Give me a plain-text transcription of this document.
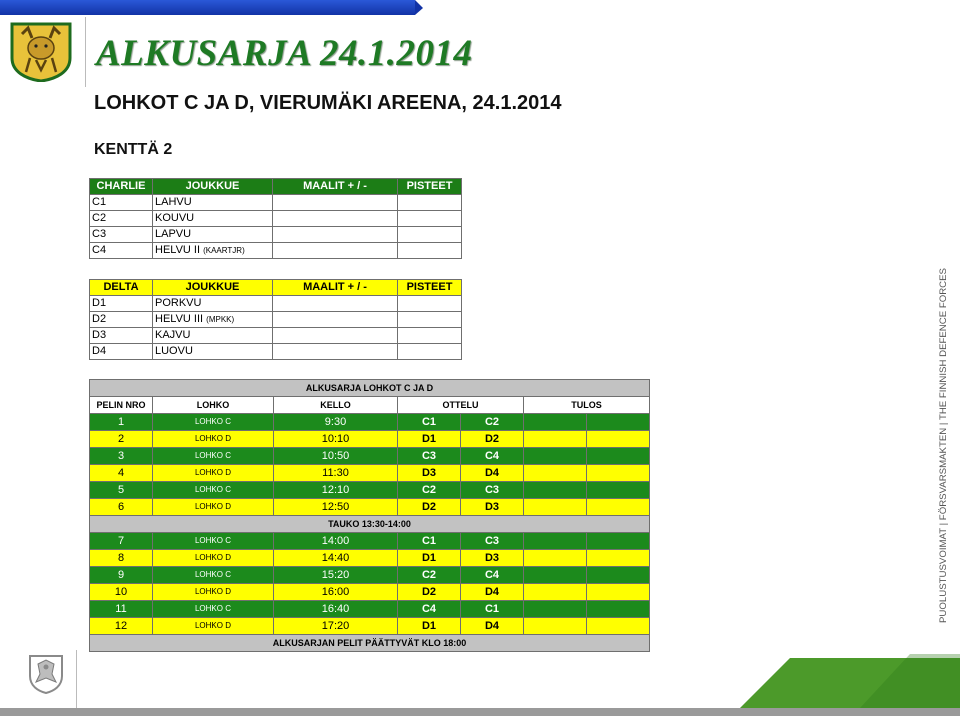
ALKUSARJA 24.1.2014
LOHKOT C JA D, VIERUMÄKI AREENA, 24.1.2014
KENTTÄ 2
CHARLIE	JOUKKUE	MAALIT + / -	PISTEET
C1	LAHVU		
C2	KOUVU		
C3	LAPVU		
C4	HELVU II (KAARTJR)		
DELTA	JOUKKUE	MAALIT + / -	PISTEET
D1	PORKVU		
D2	HELVU III (MPKK)		
D3	KAJVU		
D4	LUOVU		
ALKUSARJA LOHKOT C JA D						
PELIN NRO	LOHKO	KELLO	OTTELU		TULOS	
1	LOHKO C	9:30	C1	C2		
2	LOHKO D	10:10	D1	D2		
3	LOHKO C	10:50	C3	C4		
4	LOHKO D	11:30	D3	D4		
5	LOHKO C	12:10	C2	C3		
6	LOHKO D	12:50	D2	D3		
TAUKO 13:30-14:00						
7	LOHKO C	14:00	C1	C3		
8	LOHKO D	14:40	D1	D3		
9	LOHKO C	15:20	C2	C4		
10	LOHKO D	16:00	D2	D4		
11	LOHKO C	16:40	C4	C1		
12	LOHKO D	17:20	D1	D4		
ALKUSARJAN PELIT PÄÄTTYVÄT KLO 18:00						
PUOLUSTUSVOIMAT | FÖRSVARSMAKTEN | THE FINNISH DEFENCE FORCES
